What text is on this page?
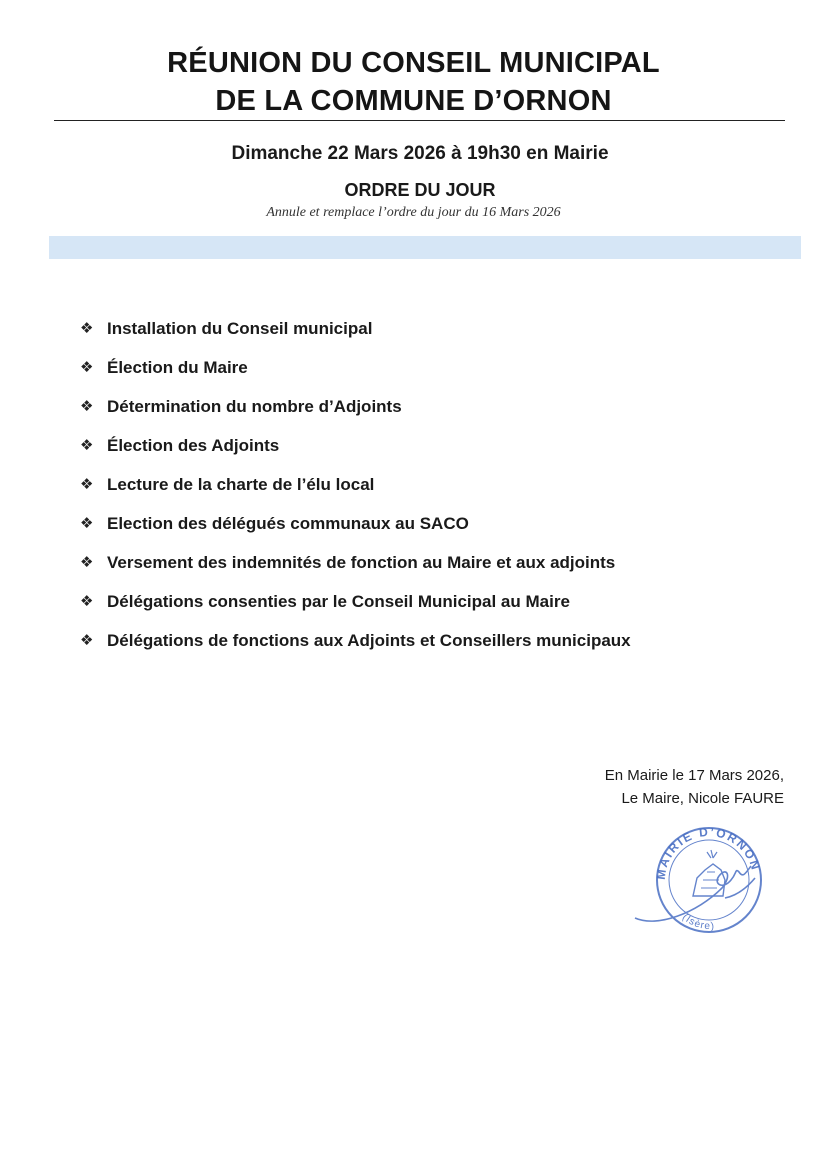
RÉUNION DU CONSEIL MUNICIPAL
DE LA COMMUNE D’ORNON
Dimanche 22 Mars 2026 à 19h30 en Mairie
ORDRE DU JOUR
Annule et remplace l’ordre du jour du 16 Mars 2026
❖ Installation du Conseil municipal
❖ Élection du Maire
❖ Détermination du nombre d’Adjoints
❖ Élection des Adjoints
❖ Lecture de la charte de l’élu local
❖ Election des délégués communaux au SACO
❖ Versement des indemnités de fonction au Maire et aux adjoints
❖ Délégations consenties par le Conseil Municipal au Maire
❖ Délégations de fonctions aux Adjoints et Conseillers municipaux
En Mairie le 17 Mars 2026,
Le Maire, Nicole FAURE
MAIRIE D’ORNON
(Isère)
